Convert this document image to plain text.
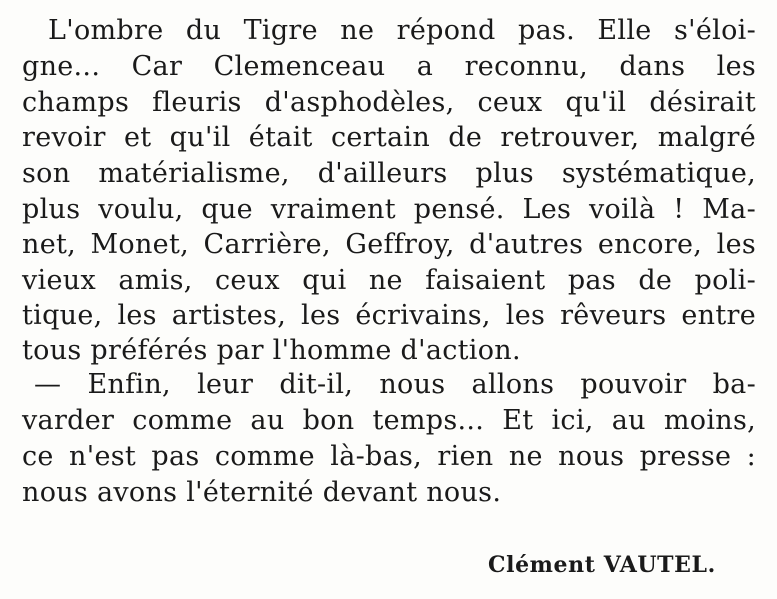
L'ombre du Tigre ne répond pas. Elle s'éloi-
gne... Car Clemenceau a reconnu, dans les
champs fleuris d'asphodèles, ceux qu'il désirait
revoir et qu'il était certain de retrouver, malgré
son matérialisme, d'ailleurs plus systématique,
plus voulu, que vraiment pensé. Les voilà ! Ma-
net, Monet, Carrière, Geffroy, d'autres encore, les
vieux amis, ceux qui ne faisaient pas de poli-
tique, les artistes, les écrivains, les rêveurs entre
tous préférés par l'homme d'action.
— Enfin, leur dit-il, nous allons pouvoir ba-
varder comme au bon temps... Et ici, au moins,
ce n'est pas comme là-bas, rien ne nous presse :
nous avons l'éternité devant nous.
Clément VAUTEL.
